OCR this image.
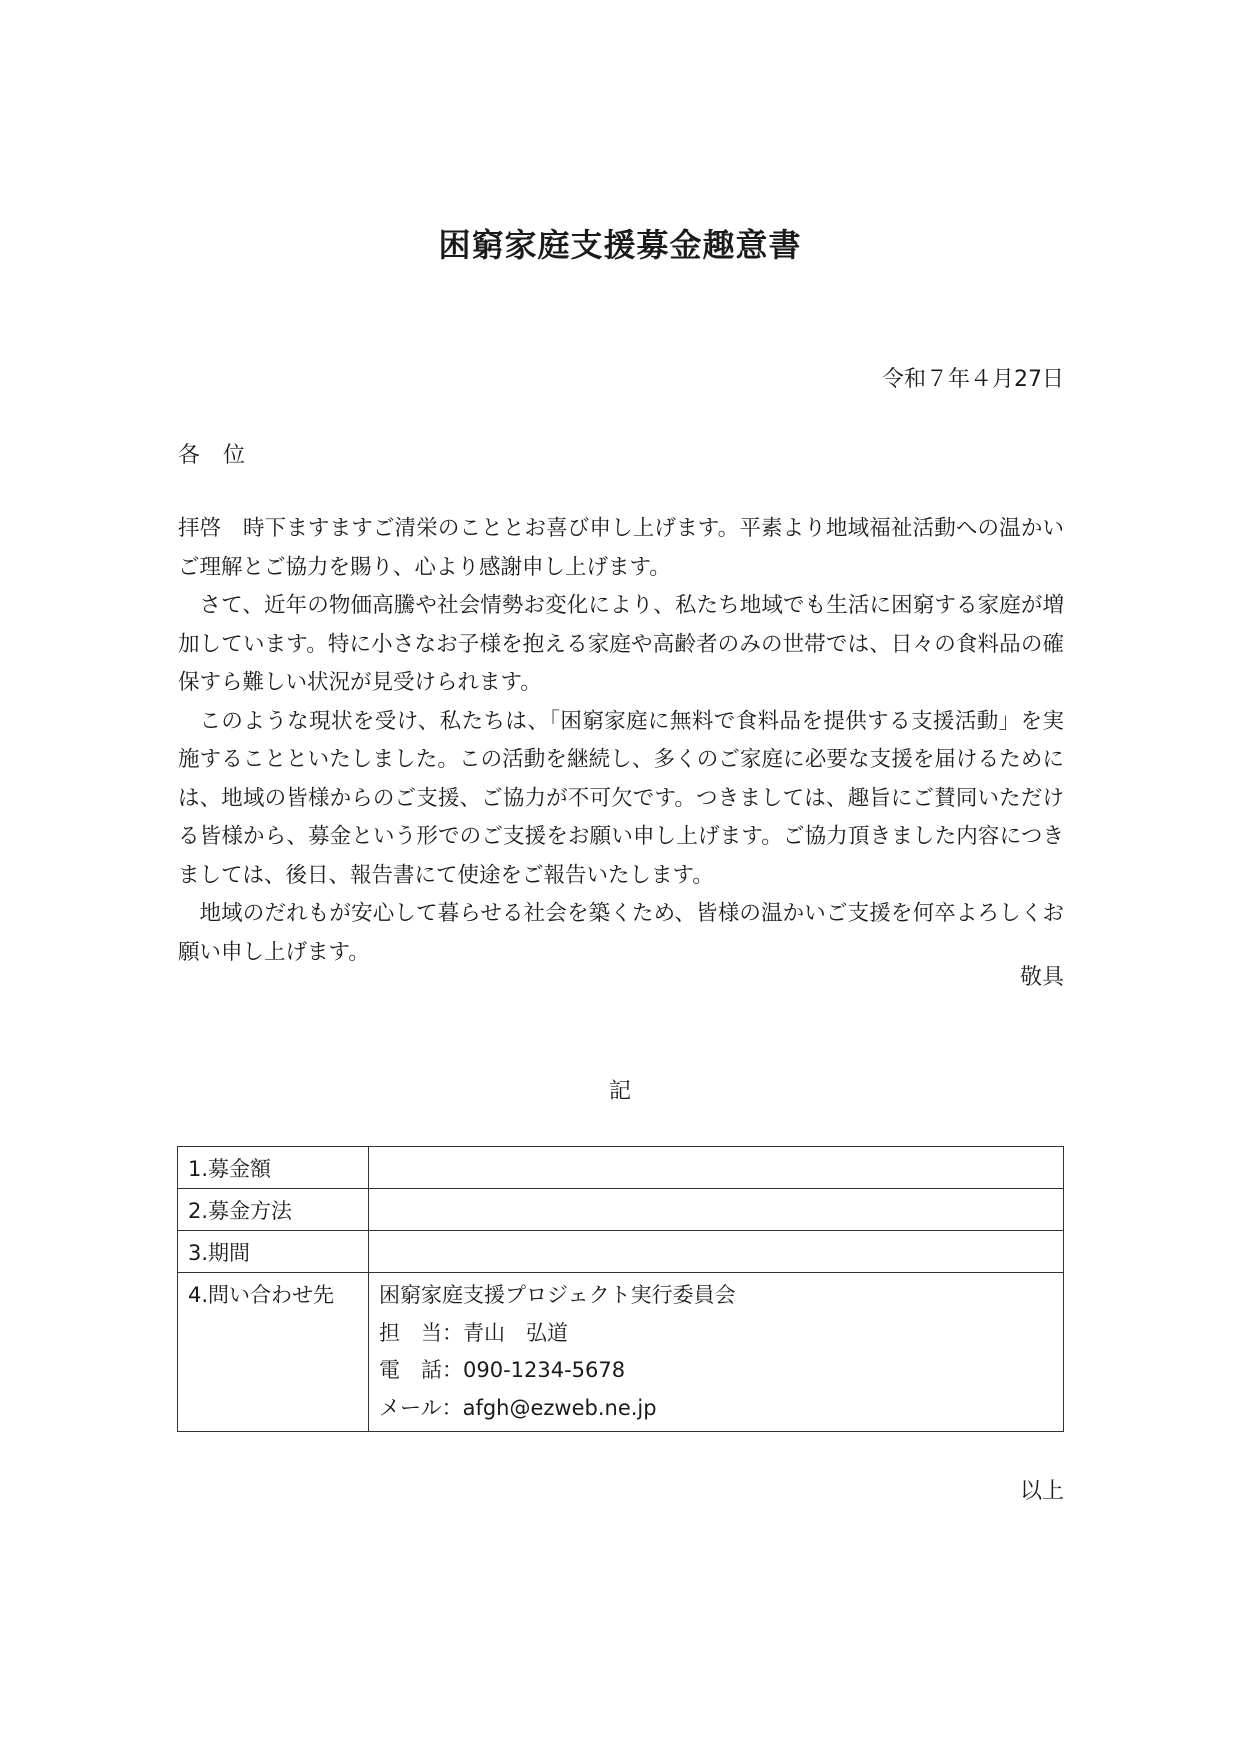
困窮家庭支援募金趣意書

令和７年４月27日

各　位

拝啓　時下ますますご清栄のこととお喜び申し上げます。平素より地域福祉活動への温かいご理解とご協力を賜り、心より感謝申し上げます。

さて、近年の物価高騰や社会情勢お変化により、私たち地域でも生活に困窮する家庭が増加しています。特に小さなお子様を抱える家庭や高齢者のみの世帯では、日々の食料品の確保すら難しい状況が見受けられます。

このような現状を受け、私たちは、「困窮家庭に無料で食料品を提供する支援活動」を実施することといたしました。この活動を継続し、多くのご家庭に必要な支援を届けるためには、地域の皆様からのご支援、ご協力が不可欠です。つきましては、趣旨にご賛同いただける皆様から、募金という形でのご支援をお願い申し上げます。ご協力頂きました内容につきましては、後日、報告書にて使途をご報告いたします。

地域のだれもが安心して暮らせる社会を築くため、皆様の温かいご支援を何卒よろしくお願い申し上げます。

敬具

記

1.募金額	
2.募金方法	
3.期間	
4.問い合わせ先	困窮家庭支援プロジェクト実行委員会
担　当：青山　弘道
電　話：090-1234-5678
メール：afgh@ezweb.ne.jp

以上
